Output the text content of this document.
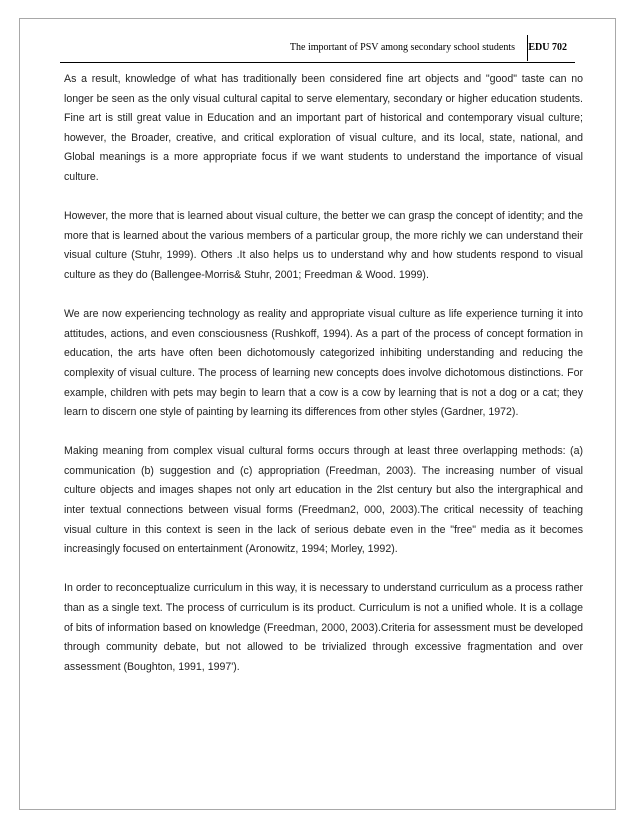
The important of PSV among secondary school students EDU 702

As a result, knowledge of what has traditionally been considered fine art objects and "good" taste can no longer be seen as the only visual cultural capital to serve elementary, secondary or higher education students. Fine art is still great value in Education and an important part of historical and contemporary visual culture; however, the Broader, creative, and critical exploration of visual culture, and its local, state, national, and Global meanings is a more appropriate focus if we want students to understand the importance of visual culture.

However, the more that is learned about visual culture, the better we can grasp the concept of identity; and the more that is learned about the various members of a particular group, the more richly we can understand their visual culture (Stuhr, 1999). Others .It also helps us to understand why and how students respond to visual culture as they do (Ballengee-Morris& Stuhr, 2001; Freedman & Wood. 1999).

We are now experiencing technology as reality and appropriate visual culture as life experience turning it into attitudes, actions, and even consciousness (Rushkoff, 1994). As a part of the process of concept formation in education, the arts have often been dichotomously categorized inhibiting understanding and reducing the complexity of visual culture. The process of learning new concepts does involve dichotomous distinctions. For example, children with pets may begin to learn that a cow is a cow by learning that is not a dog or a cat; they learn to discern one style of painting by learning its differences from other styles (Gardner, 1972).

Making meaning from complex visual cultural forms occurs through at least three overlapping methods: (a) communication (b) suggestion and (c) appropriation (Freedman, 2003). The increasing number of visual culture objects and images shapes not only art education in the 2lst century but also the intergraphical and inter textual connections between visual forms (Freedman2, 000, 2003).The critical necessity of teaching visual culture in this context is seen in the lack of serious debate even in the "free" media as it becomes increasingly focused on entertainment (Aronowitz, 1994; Morley, 1992).

In order to reconceptualize curriculum in this way, it is necessary to understand curriculum as a process rather than as a single text. The process of curriculum is its product. Curriculum is not a unified whole. It is a collage of bits of information based on knowledge (Freedman, 2000, 2003).Criteria for assessment must be developed through community debate, but not allowed to be trivialized through excessive fragmentation and over assessment (Boughton, 1991, 1997').
